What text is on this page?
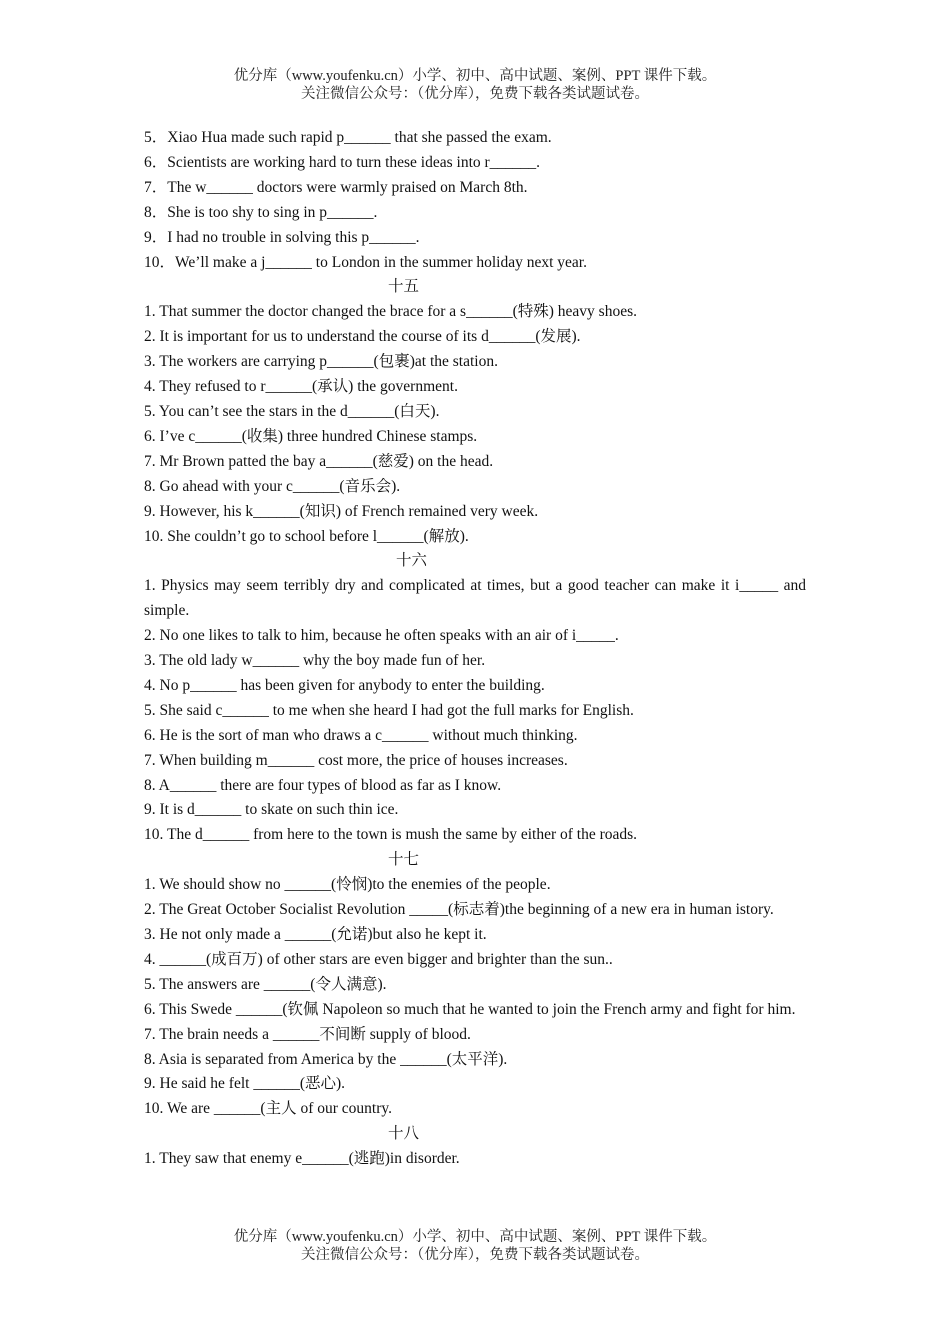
优分库（www.youfenku.cn）小学、初中、高中试题、案例、PPT 课件下载。
关注微信公众号：（优分库），免费下载各类试题试卷。

5．Xiao Hua made such rapid p______ that she passed the exam.

6．Scientists are working hard to turn these ideas into r______.

7．The w______ doctors were warmly praised on March 8th.

8．She is too shy to sing in p______.

9．I had no trouble in solving this p______.

10．We’ll make a j______ to London in the summer holiday next year.

十五

1. That summer the doctor changed the brace for a s______(特殊) heavy shoes.

2. It is important for us to understand the course of its d______(发展).

3. The workers are carrying p______(包裹)at the station.

4. They refused to r______(承认) the government.

5. You can’t see the stars in the d______(白天).

6. I’ve c______(收集) three hundred Chinese stamps.

7. Mr Brown patted the bay a______(慈爱) on the head.

8. Go ahead with your c______(音乐会).

9. However, his k______(知识) of French remained very week.

10. She couldn’t go to school before l______(解放).

十六

1. Physics may seem terribly dry and complicated at times, but a good teacher can make it i_____ and simple.

2. No one likes to talk to him, because he often speaks with an air of i_____.

3. The old lady w______ why the boy made fun of her.

4. No p______ has been given for anybody to enter the building.

5. She said c______ to me when she heard I had got the full marks for English.

6. He is the sort of man who draws a c______ without much thinking.

7. When building m______ cost more, the price of houses increases.

8. A______ there are four types of blood as far as I know.

9. It is d______ to skate on such thin ice.

10. The d______ from here to the town is mush the same by either of the roads.

十七

1. We should show no ______(怜悯)to the enemies of the people.

2. The Great October Socialist Revolution _____(标志着)the beginning of a new era in human istory.

3. He not only made a ______(允诺)but also he kept it.

4. ______(成百万) of other stars are even bigger and brighter than the sun..

5. The answers are ______(令人满意).

6. This Swede ______(钦佩 Napoleon so much that he wanted to join the French army and fight for him.

7. The brain needs a ______不间断 supply of blood.

8. Asia is separated from America by the ______(太平洋).

9. He said he felt ______(恶心).

10. We are ______(主人 of our country.

十八

1. They saw that enemy e______(逃跑)in disorder.

优分库（www.youfenku.cn）小学、初中、高中试题、案例、PPT 课件下载。
关注微信公众号：（优分库），免费下载各类试题试卷。
